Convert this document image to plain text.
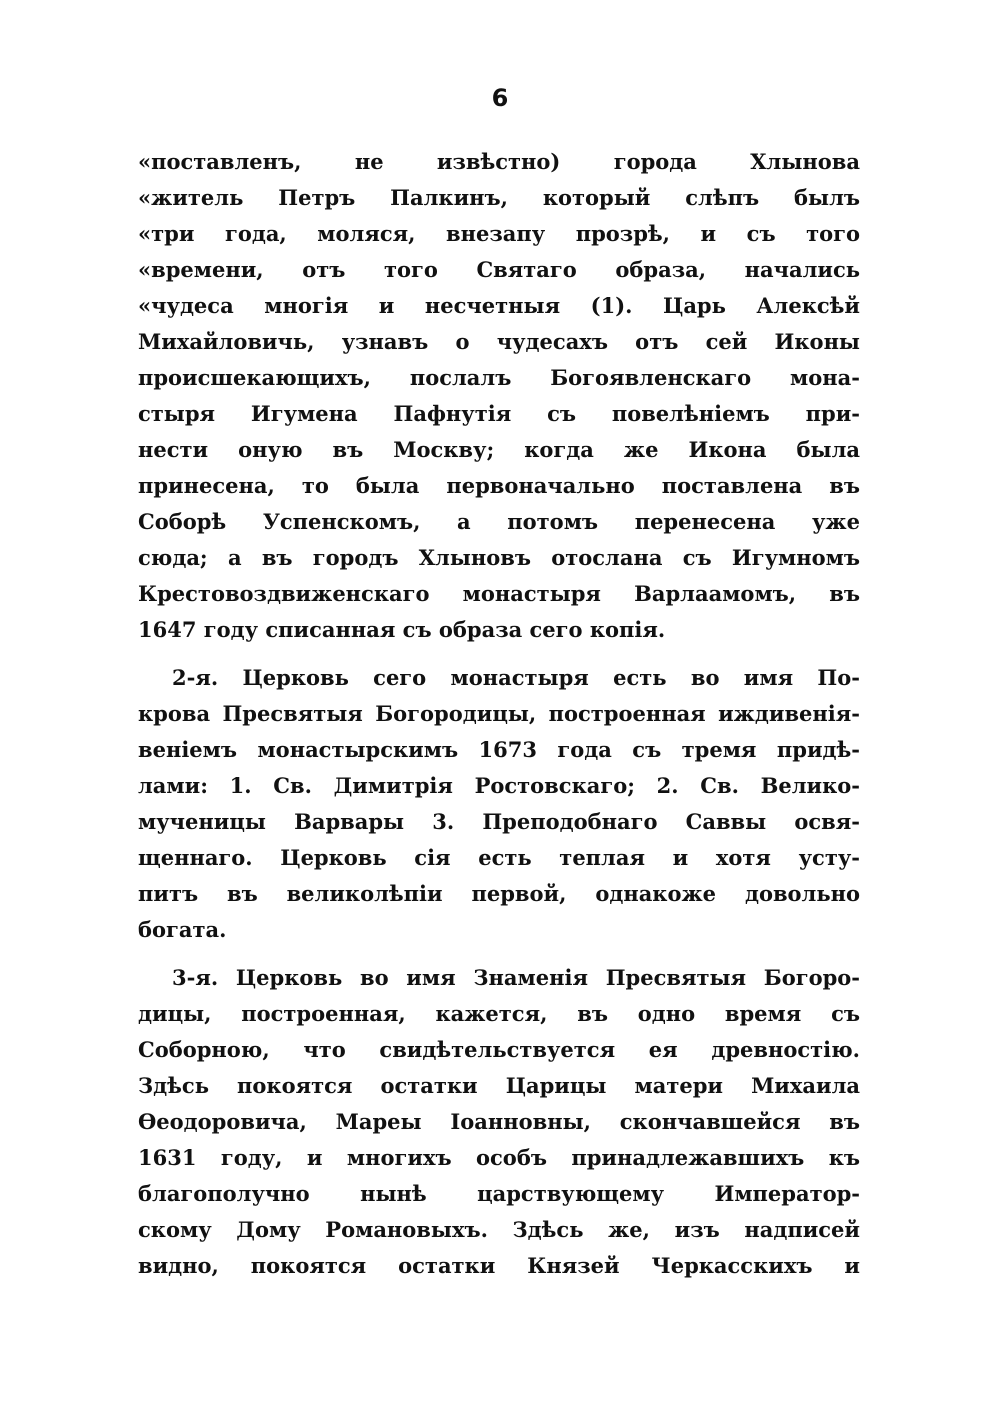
6
«поставленъ, не извѣстно) города Хлынова
«житель Петръ Палкинъ, который слѣпъ былъ
«три года, моляся, внезапу прозрѣ, и съ того
«времени, отъ того Святаго образа, начались
«чудеса многія и несчетныя (1). Царь Алексѣй
Михайловичь, узнавъ о чудесахъ отъ сей Иконы
происшекающихъ, послалъ Богоявленскаго мона-
стыря Игумена Пафнутія съ повелѣніемъ при-
нести оную въ Москву; когда же Икона была
принесена, то была первоначально поставлена въ
Соборѣ Успенскомъ, а потомъ перенесена уже
сюда; а въ городъ Хлыновъ отослана съ Игумномъ
Крестовоздвиженскаго монастыря Варлаамомъ, въ
1647 году списанная съ образа сего копія.
2-я. Церковь сего монастыря есть во имя По-
крова Пресвятыя Богородицы, построенная иждивенія-
веніемъ монастырскимъ 1673 года съ тремя придѣ-
лами: 1. Св. Димитрія Ростовскаго; 2. Св. Велико-
мученицы Варвары 3. Преподобнаго Саввы освя-
щеннаго. Церковь сія есть теплая и хотя усту-
питъ въ великолѣпіи первой, однакоже довольно
богата.
3-я. Церковь во имя Знаменія Пресвятыя Богоро-
дицы, построенная, кажется, въ одно время съ
Соборною, что свидѣтельствуется ея древностію.
Здѣсь покоятся остатки Царицы матери Михаила
Ѳеодоровича, Мареы Іоанновны, скончавшейся въ
1631 году, и многихъ особъ принадлежавшихъ къ
благополучно нынѣ царствующему Император-
скому Дому Романовыхъ. Здѣсь же, изъ надписей
видно, покоятся остатки Князей Черкасскихъ и
